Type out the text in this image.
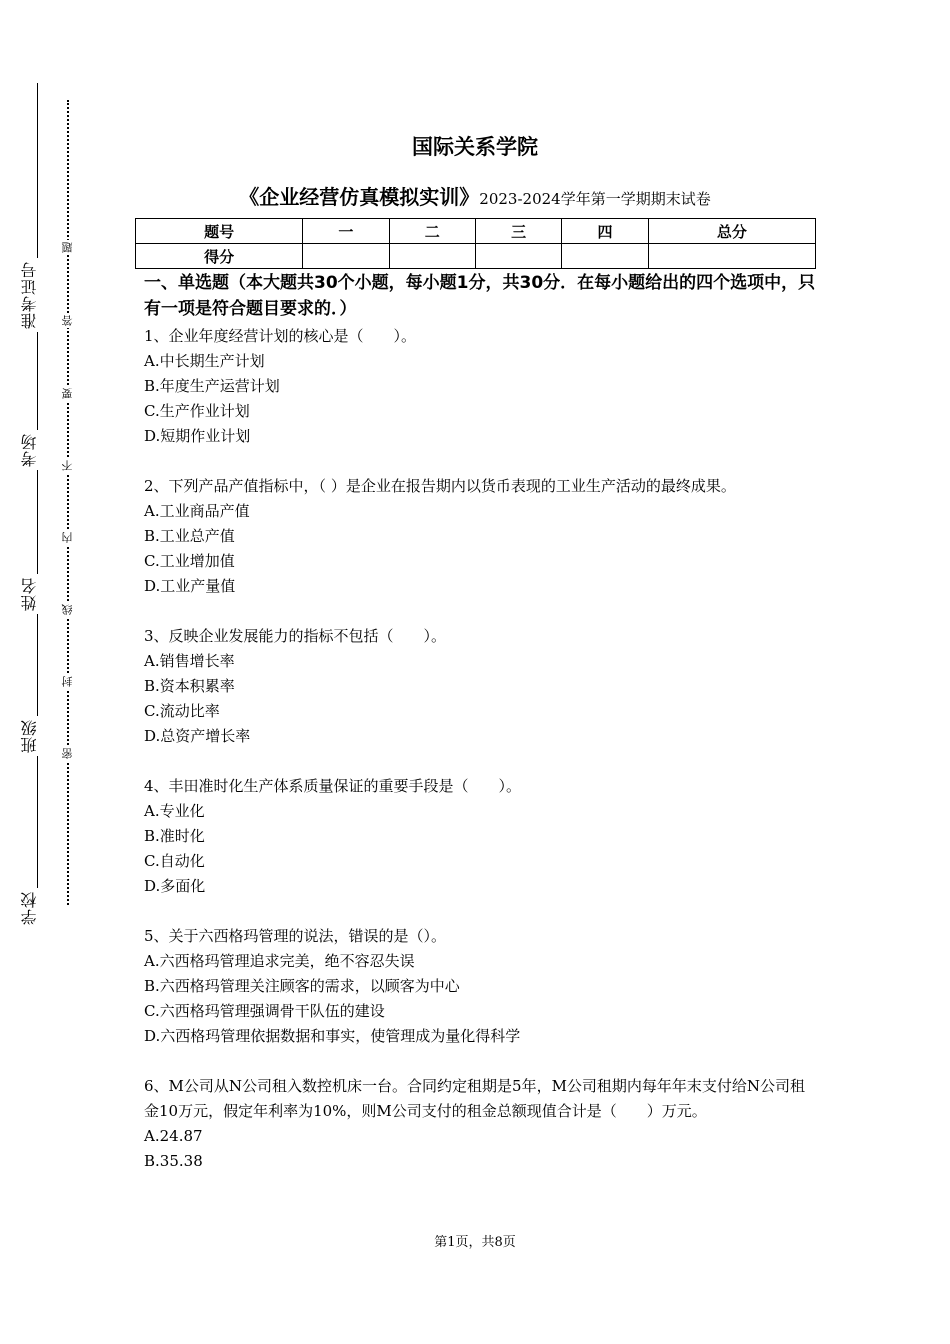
准考证号
考场
姓名
班级
学校
题
答
要
不
内
线
封
密
国际关系学院
《企业经营仿真模拟实训》2023-2024学年第一学期期末试卷
题号	一	二	三	四	总分
得分					
一、单选题（本大题共30个小题，每小题1分，共30分．在每小题给出的四个选项中，只有一项是符合题目要求的．）
1、企业年度经营计划的核心是（　　）。
A.中长期生产计划
B.年度生产运营计划
C.生产作业计划
D.短期作业计划
2、下列产品产值指标中，（ ）是企业在报告期内以货币表现的工业生产活动的最终成果。
A.工业商品产值
B.工业总产值
C.工业增加值
D.工业产量值
3、反映企业发展能力的指标不包括（　　）。
A.销售增长率
B.资本积累率
C.流动比率
D.总资产增长率
4、丰田准时化生产体系质量保证的重要手段是（　　）。
A.专业化
B.准时化
C.自动化
D.多面化
5、关于六西格玛管理的说法，错误的是（）。
A.六西格玛管理追求完美，绝不容忍失误
B.六西格玛管理关注顾客的需求，以顾客为中心
C.六西格玛管理强调骨干队伍的建设
D.六西格玛管理依据数据和事实，使管理成为量化得科学
6、M公司从N公司租入数控机床一台。合同约定租期是5年，M公司租期内每年年末支付给N公司租金10万元，假定年利率为10%，则M公司支付的租金总额现值合计是（　　）万元。
A.24.87
B.35.38
第1页，共8页
